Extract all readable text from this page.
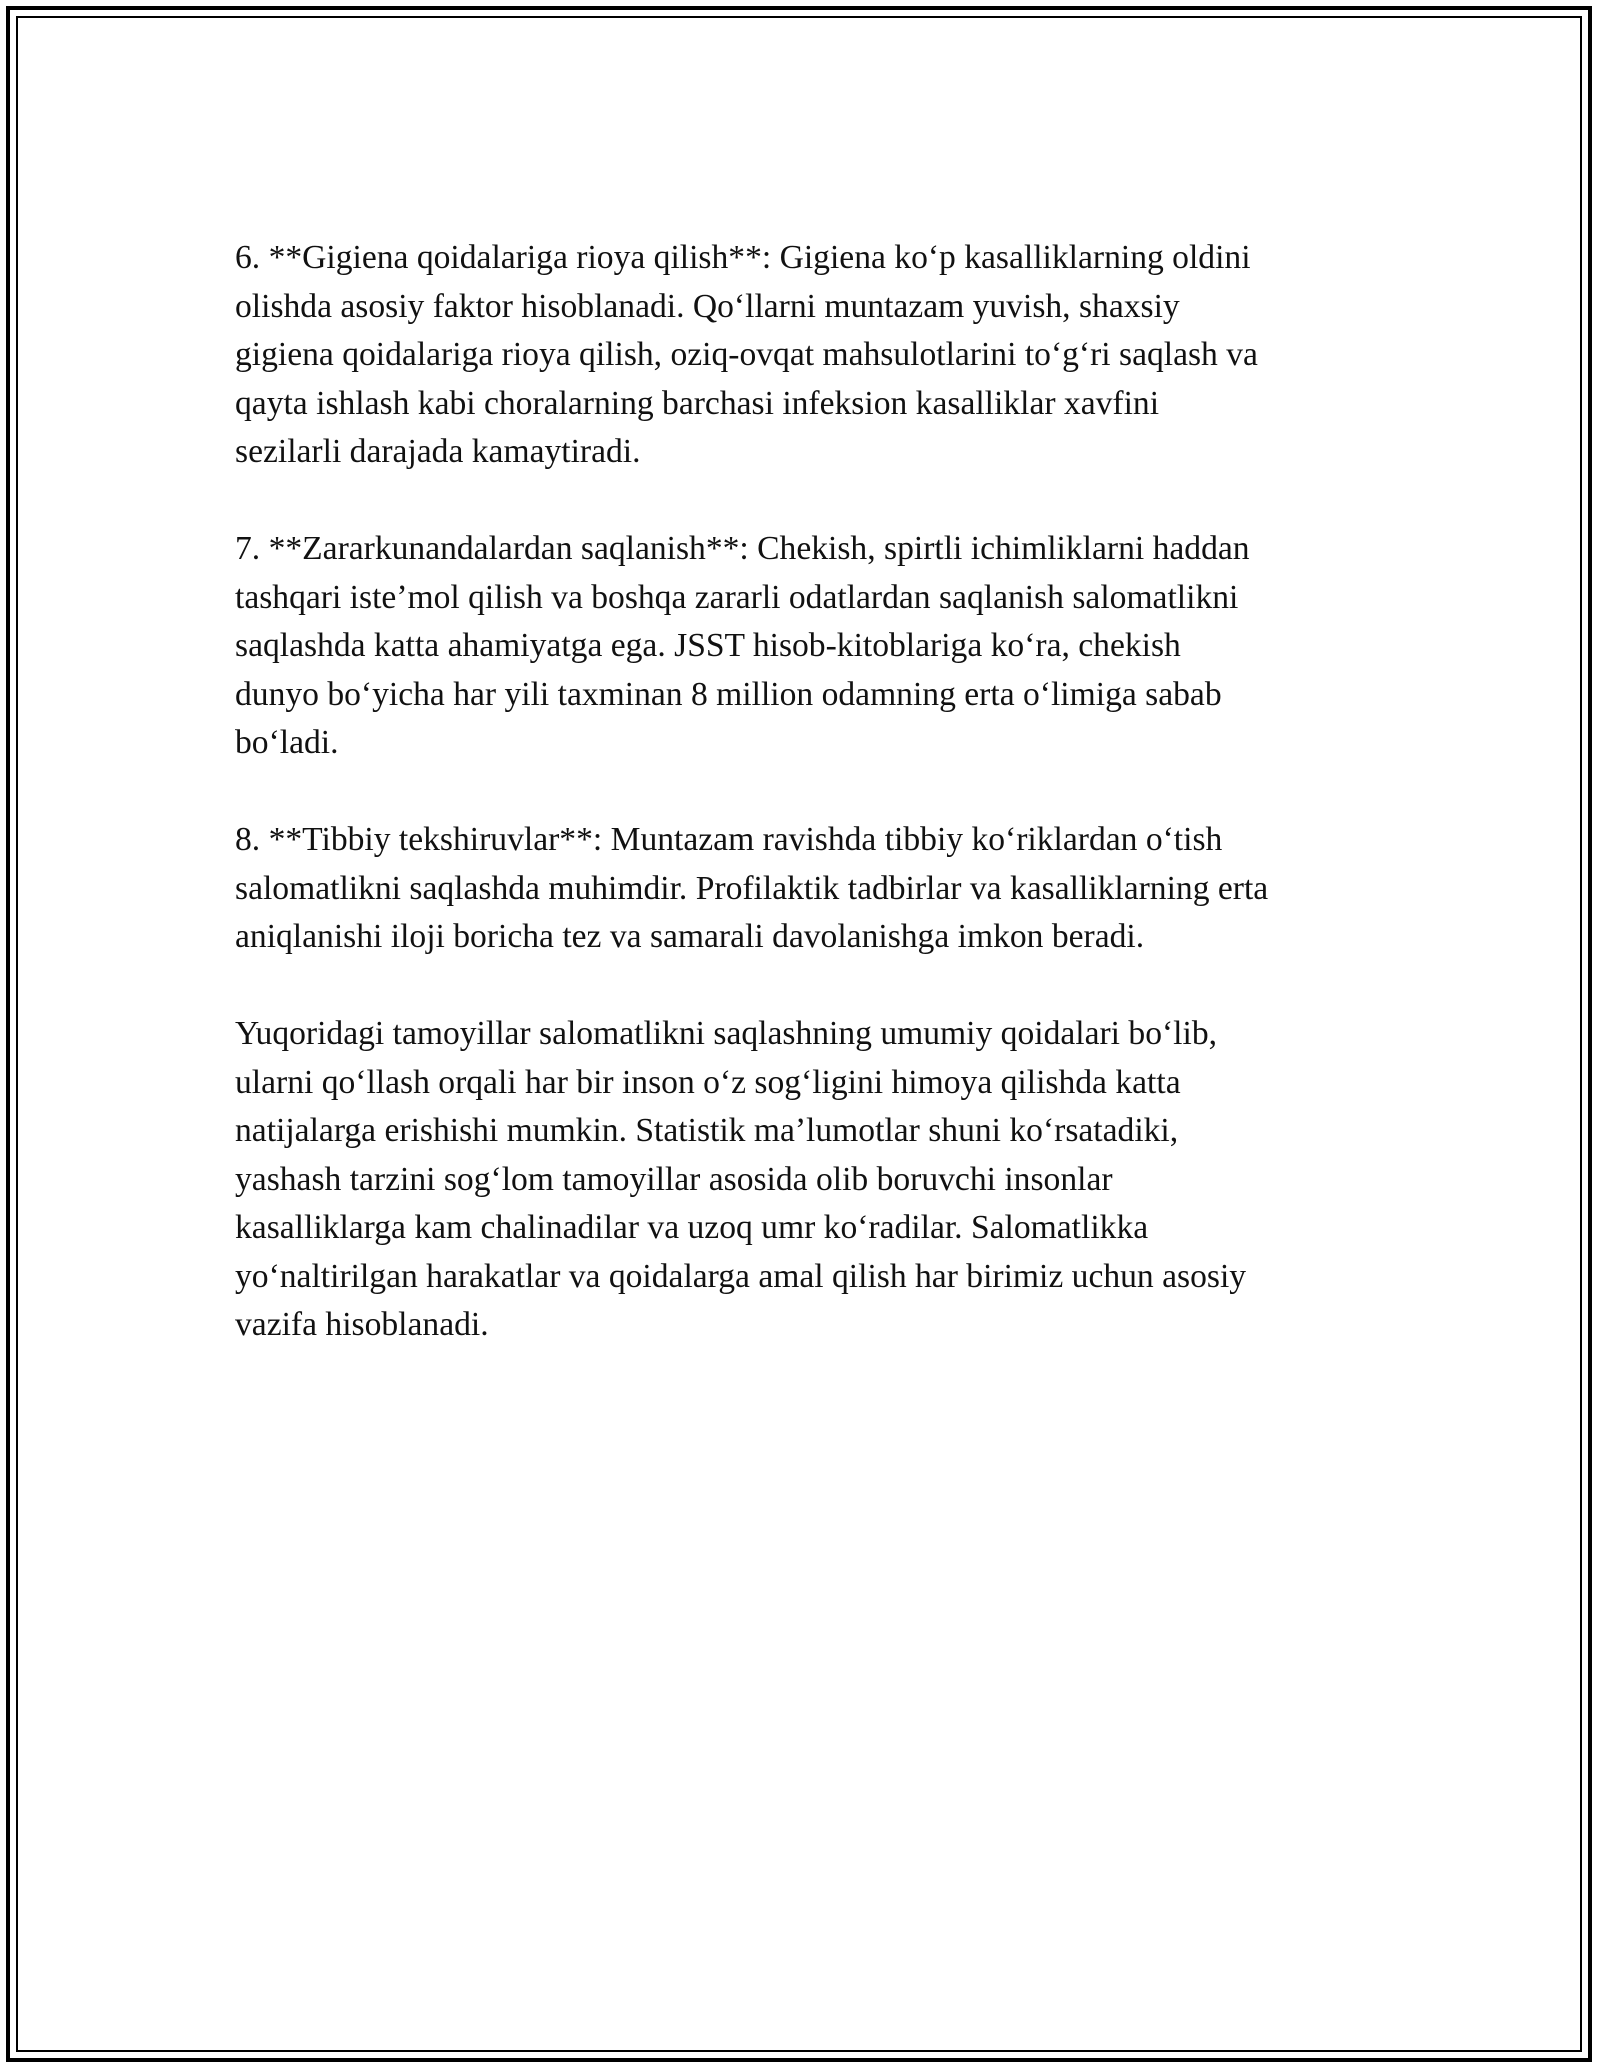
6. **Gigiena qoidalariga rioya qilish**: Gigiena koʻp kasalliklarning oldini
olishda asosiy faktor hisoblanadi. Qoʻllarni muntazam yuvish, shaxsiy
gigiena qoidalariga rioya qilish, oziq-ovqat mahsulotlarini toʻgʻri saqlash va
qayta ishlash kabi choralarning barchasi infeksion kasalliklar xavfini
sezilarli darajada kamaytiradi.

7. **Zararkunandalardan saqlanish**: Chekish, spirtli ichimliklarni haddan
tashqari isteʼmol qilish va boshqa zararli odatlardan saqlanish salomatlikni
saqlashda katta ahamiyatga ega. JSST hisob-kitoblariga koʻra, chekish
dunyo boʻyicha har yili taxminan 8 million odamning erta oʻlimiga sabab
boʻladi.

8. **Tibbiy tekshiruvlar**: Muntazam ravishda tibbiy koʻriklardan oʻtish
salomatlikni saqlashda muhimdir. Profilaktik tadbirlar va kasalliklarning erta
aniqlanishi iloji boricha tez va samarali davolanishga imkon beradi.

Yuqoridagi tamoyillar salomatlikni saqlashning umumiy qoidalari boʻlib,
ularni qoʻllash orqali har bir inson oʻz sogʻligini himoya qilishda katta
natijalarga erishishi mumkin. Statistik maʼlumotlar shuni koʻrsatadiki,
yashash tarzini sogʻlom tamoyillar asosida olib boruvchi insonlar
kasalliklarga kam chalinadilar va uzoq umr koʻradilar. Salomatlikka
yoʻnaltirilgan harakatlar va qoidalarga amal qilish har birimiz uchun asosiy
vazifa hisoblanadi.
